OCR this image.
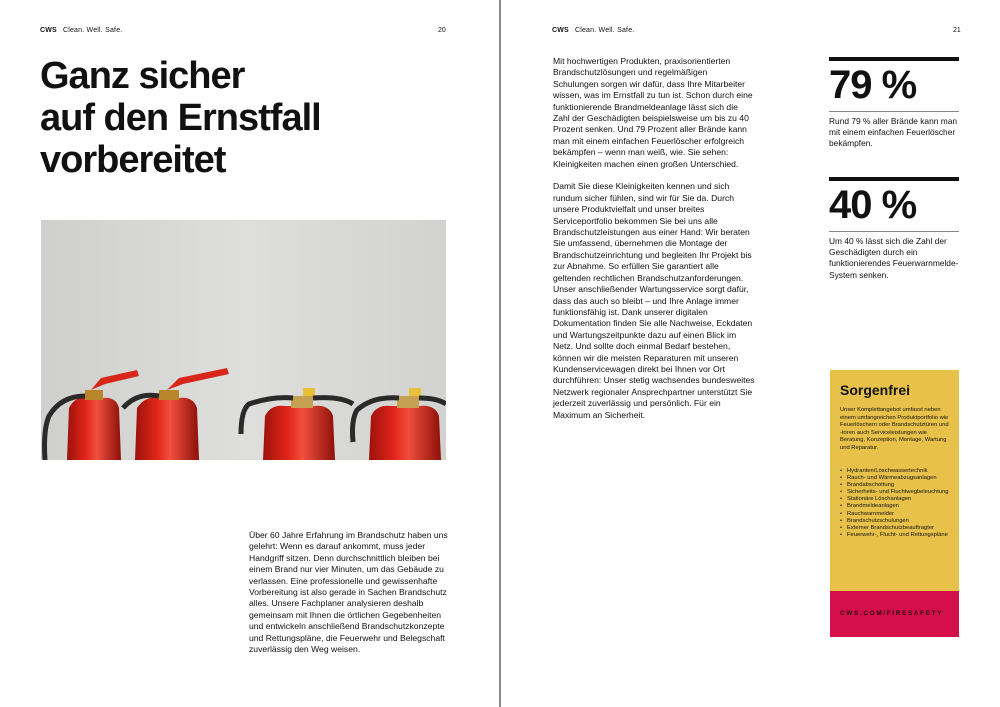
CWS Clean. Well. Safe.	20
Ganz sicher
auf den Ernstfall
vorbereitet

Über 60 Jahre Erfahrung im Brandschutz haben uns gelehrt: Wenn es darauf ankommt, muss jeder Handgriff sitzen. Denn durchschnittlich bleiben bei einem Brand nur vier Minuten, um das Gebäude zu verlassen. Eine professionelle und gewissenhafte Vorbereitung ist also gerade in Sachen Brandschutz alles. Unsere Fachplaner analysieren deshalb gemeinsam mit Ihnen die örtlichen Gegebenheiten und entwickeln anschließend Brandschutzkonzepte und Rettungspläne, die Feuerwehr und Belegschaft zuverlässig den Weg weisen.

CWS Clean. Well. Safe.	21

Mit hochwertigen Produkten, praxisorientierten Brandschutzlösungen und regelmäßigen Schulungen sorgen wir dafür, dass Ihre Mitarbeiter wissen, was im Ernstfall zu tun ist. Schon durch eine funktionierende Brandmeldeanlage lässt sich die Zahl der Geschädigten beispielsweise um bis zu 40 Prozent senken. Und 79 Prozent aller Brände kann man mit einem einfachen Feuerlöscher erfolgreich bekämpfen – wenn man weiß, wie. Sie sehen: Kleinigkeiten machen einen großen Unterschied.

Damit Sie diese Kleinigkeiten kennen und sich rundum sicher fühlen, sind wir für Sie da. Durch unsere Produktvielfalt und unser breites Serviceportfolio bekommen Sie bei uns alle Brandschutzleistungen aus einer Hand: Wir beraten Sie umfassend, übernehmen die Montage der Brandschutzeinrichtung und begleiten Ihr Projekt bis zur Abnahme. So erfüllen Sie garantiert alle geltenden rechtlichen Brandschutzanforderungen. Unser anschließender Wartungsservice sorgt dafür, dass das auch so bleibt – und Ihre Anlage immer funktionsfähig ist. Dank unserer digitalen Dokumentation finden Sie alle Nachweise, Eckdaten und Wartungszeitpunkte dazu auf einen Blick im Netz. Und sollte doch einmal Bedarf bestehen, können wir die meisten Reparaturen mit unseren Kundenservicewagen direkt bei Ihnen vor Ort durchführen: Unser stetig wachsendes bundesweites Netzwerk regionaler Ansprechpartner unterstützt Sie jederzeit zuverlässig und persönlich. Für ein Maximum an Sicherheit.

79 %
Rund 79 % aller Brände kann man mit einem einfachen Feuerlöscher bekämpfen.
40 %
Um 40 % lässt sich die Zahl der Geschädigten durch ein funktionierendes Feuerwarnmelde-System senken.
Sorgenfrei
Unser Komplettangebot umfasst neben einem umfangreichen Produktportfolio wie Feuerlöschern oder Brandschutztüren und -toren auch Serviceleistungen wie Beratung, Konzeption, Montage, Wartung und Reparatur.
• Hydranten/Löschwassertechnik
• Rauch- und Wärmeabzugsanlagen
• Brandabschottung
• Sicherheits- und Fluchtwegbeleuchtung
• Stationäre Löschanlagen
• Brandmeldeanlagen
• Rauchwarnmelder
• Brandschutzschulungen
• Externer Brandschutzbeauftragter
• Feuerwehr-, Flucht- und Rettungspläne
CWS.COM/FIRESAFETY
